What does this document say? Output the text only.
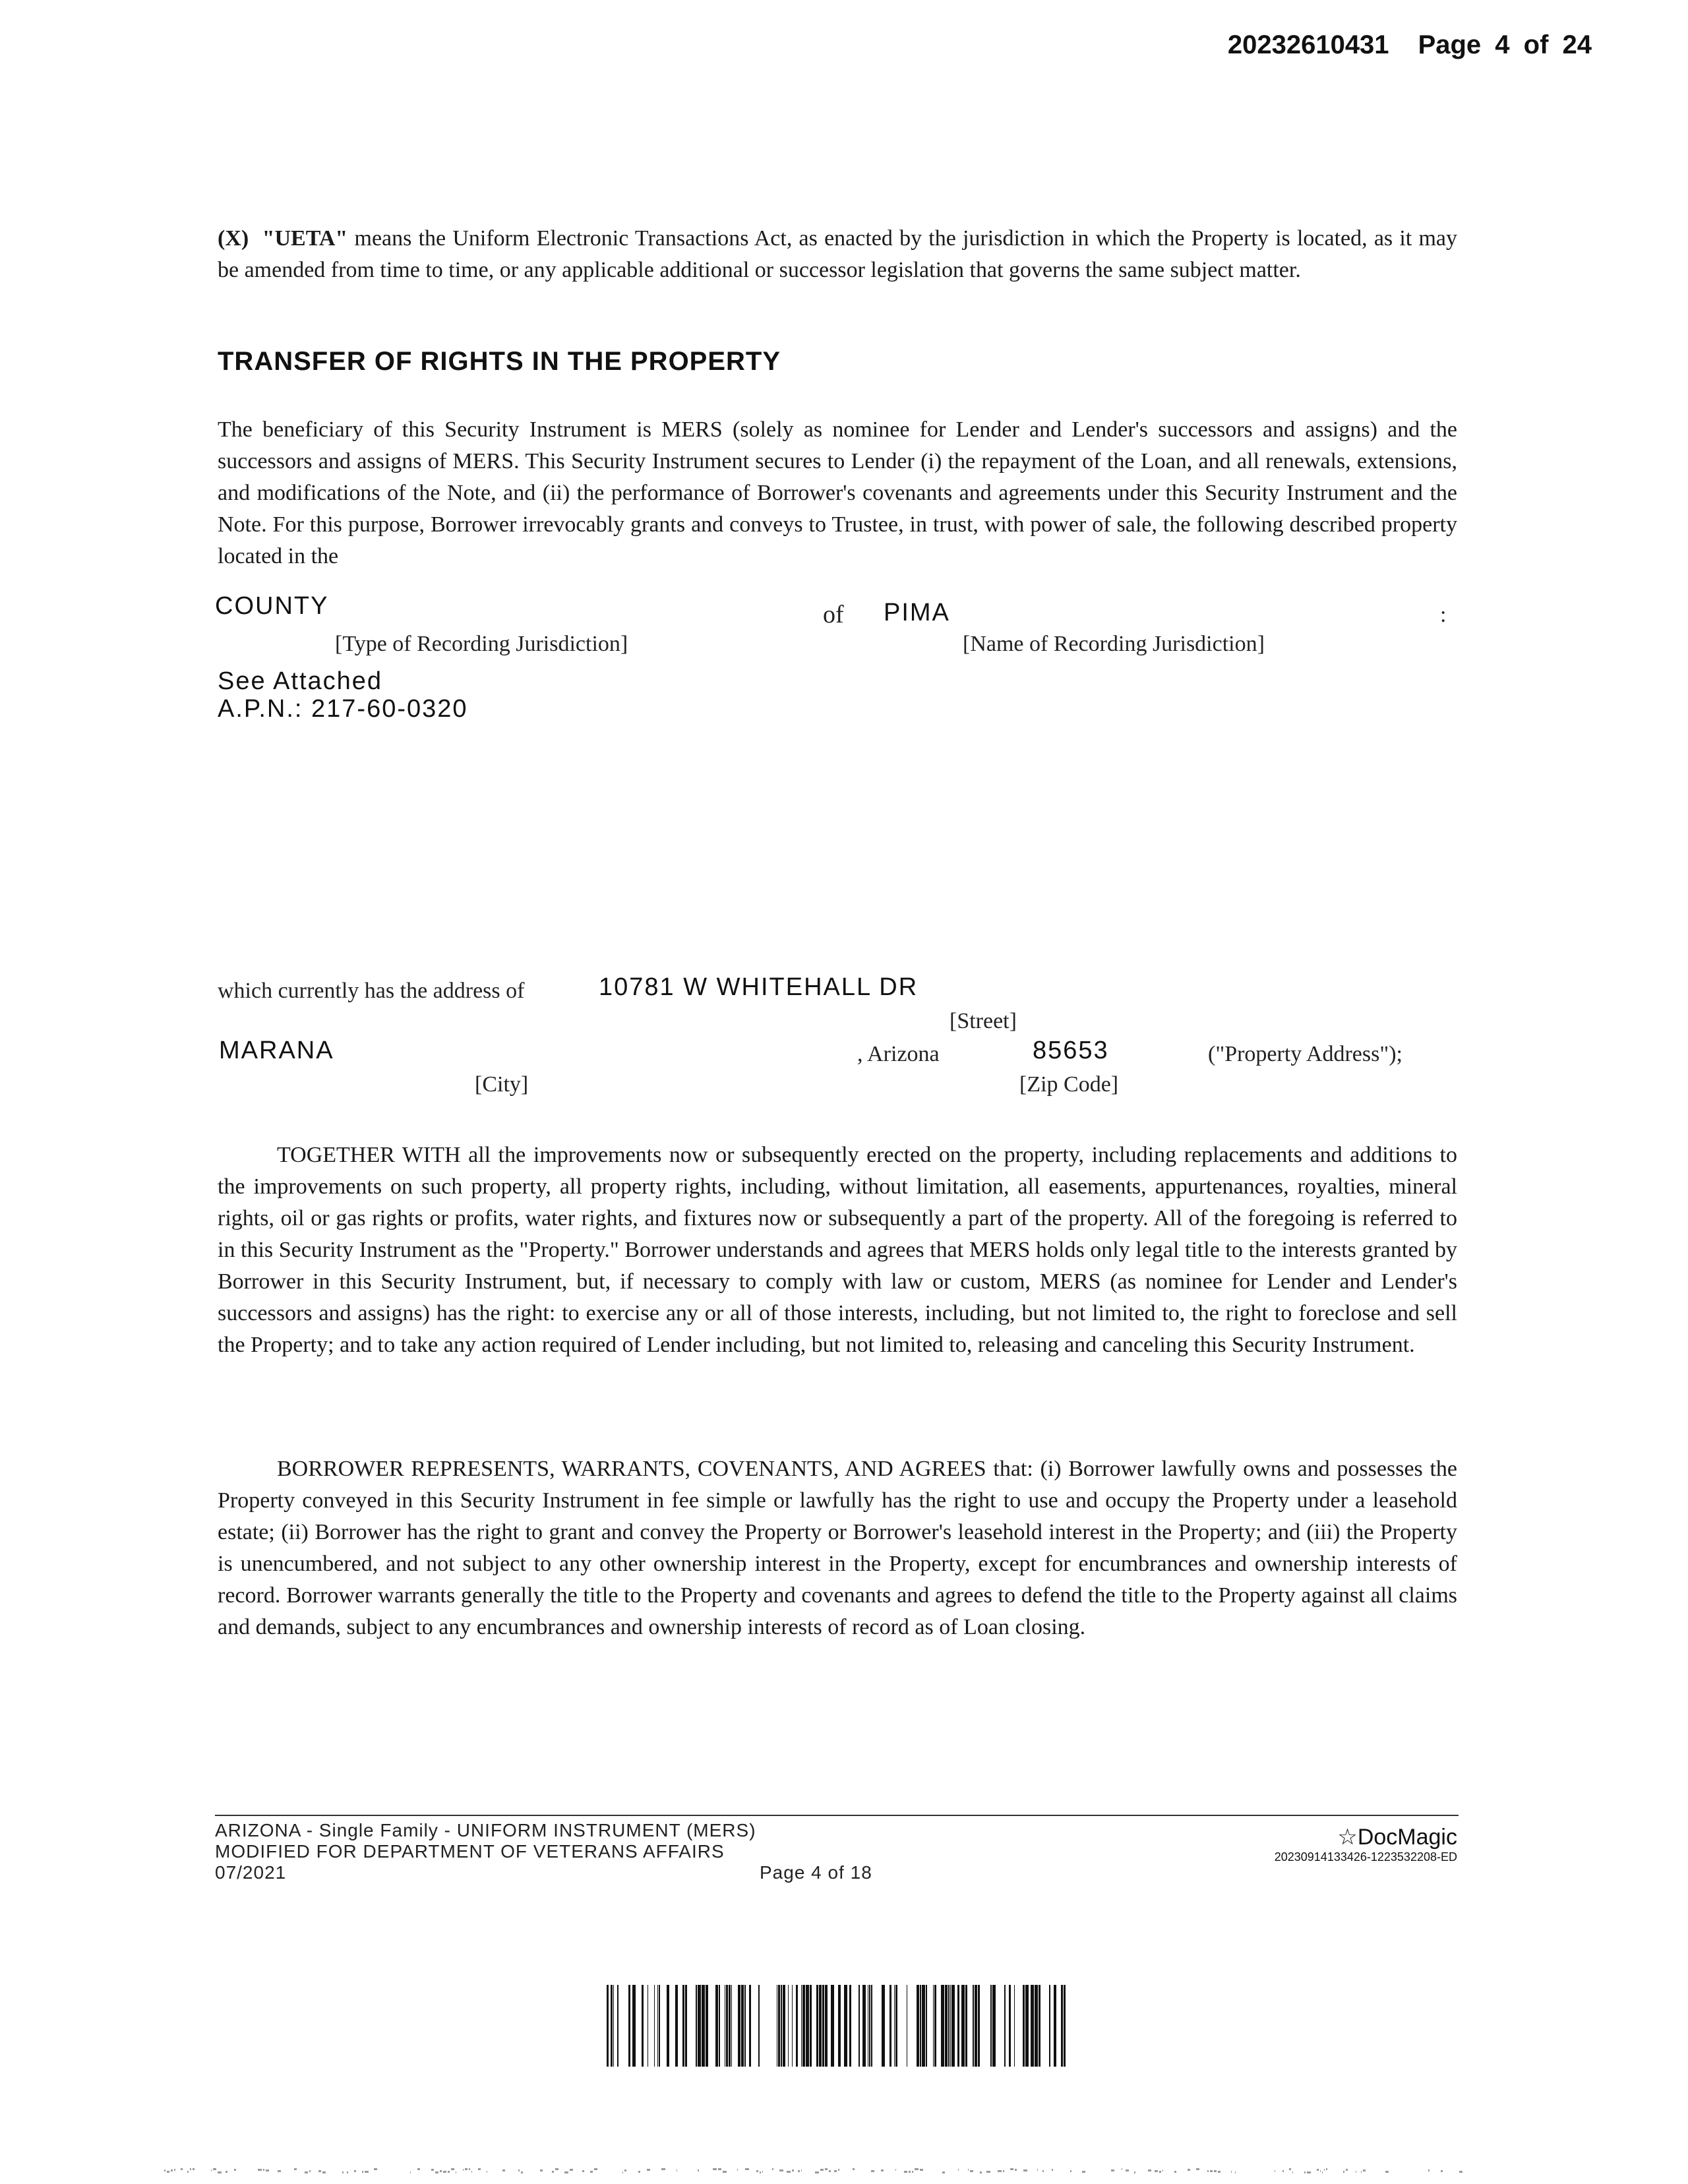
20232610431 Page 4 of 24
(X) "UETA" means the Uniform Electronic Transactions Act, as enacted by the jurisdiction in which the Property is located, as it may be amended from time to time, or any applicable additional or successor legislation that governs the same subject matter.
TRANSFER OF RIGHTS IN THE PROPERTY
The beneficiary of this Security Instrument is MERS (solely as nominee for Lender and Lender's successors and assigns) and the successors and assigns of MERS. This Security Instrument secures to Lender (i) the repayment of the Loan, and all renewals, extensions, and modifications of the Note, and (ii) the performance of Borrower's covenants and agreements under this Security Instrument and the Note. For this purpose, Borrower irrevocably grants and conveys to Trustee, in trust, with power of sale, the following described property located in the
COUNTY	of PIMA	:
[Type of Recording Jurisdiction]	[Name of Recording Jurisdiction]
See Attached
A.P.N.: 217-60-0320
which currently has the address of	10781 W WHITEHALL DR
[Street]
MARANA	, Arizona	85653	("Property Address");
[City]	[Zip Code]
TOGETHER WITH all the improvements now or subsequently erected on the property, including replacements and additions to the improvements on such property, all property rights, including, without limitation, all easements, appurtenances, royalties, mineral rights, oil or gas rights or profits, water rights, and fixtures now or subsequently a part of the property. All of the foregoing is referred to in this Security Instrument as the "Property." Borrower understands and agrees that MERS holds only legal title to the interests granted by Borrower in this Security Instrument, but, if necessary to comply with law or custom, MERS (as nominee for Lender and Lender's successors and assigns) has the right: to exercise any or all of those interests, including, but not limited to, the right to foreclose and sell the Property; and to take any action required of Lender including, but not limited to, releasing and canceling this Security Instrument.
BORROWER REPRESENTS, WARRANTS, COVENANTS, AND AGREES that: (i) Borrower lawfully owns and possesses the Property conveyed in this Security Instrument in fee simple or lawfully has the right to use and occupy the Property under a leasehold estate; (ii) Borrower has the right to grant and convey the Property or Borrower's leasehold interest in the Property; and (iii) the Property is unencumbered, and not subject to any other ownership interest in the Property, except for encumbrances and ownership interests of record. Borrower warrants generally the title to the Property and covenants and agrees to defend the title to the Property against all claims and demands, subject to any encumbrances and ownership interests of record as of Loan closing.
ARIZONA - Single Family - UNIFORM INSTRUMENT (MERS)
MODIFIED FOR DEPARTMENT OF VETERANS AFFAIRS
07/2021	Page 4 of 18
☆DocMagic
20230914133426-1223532208-ED
